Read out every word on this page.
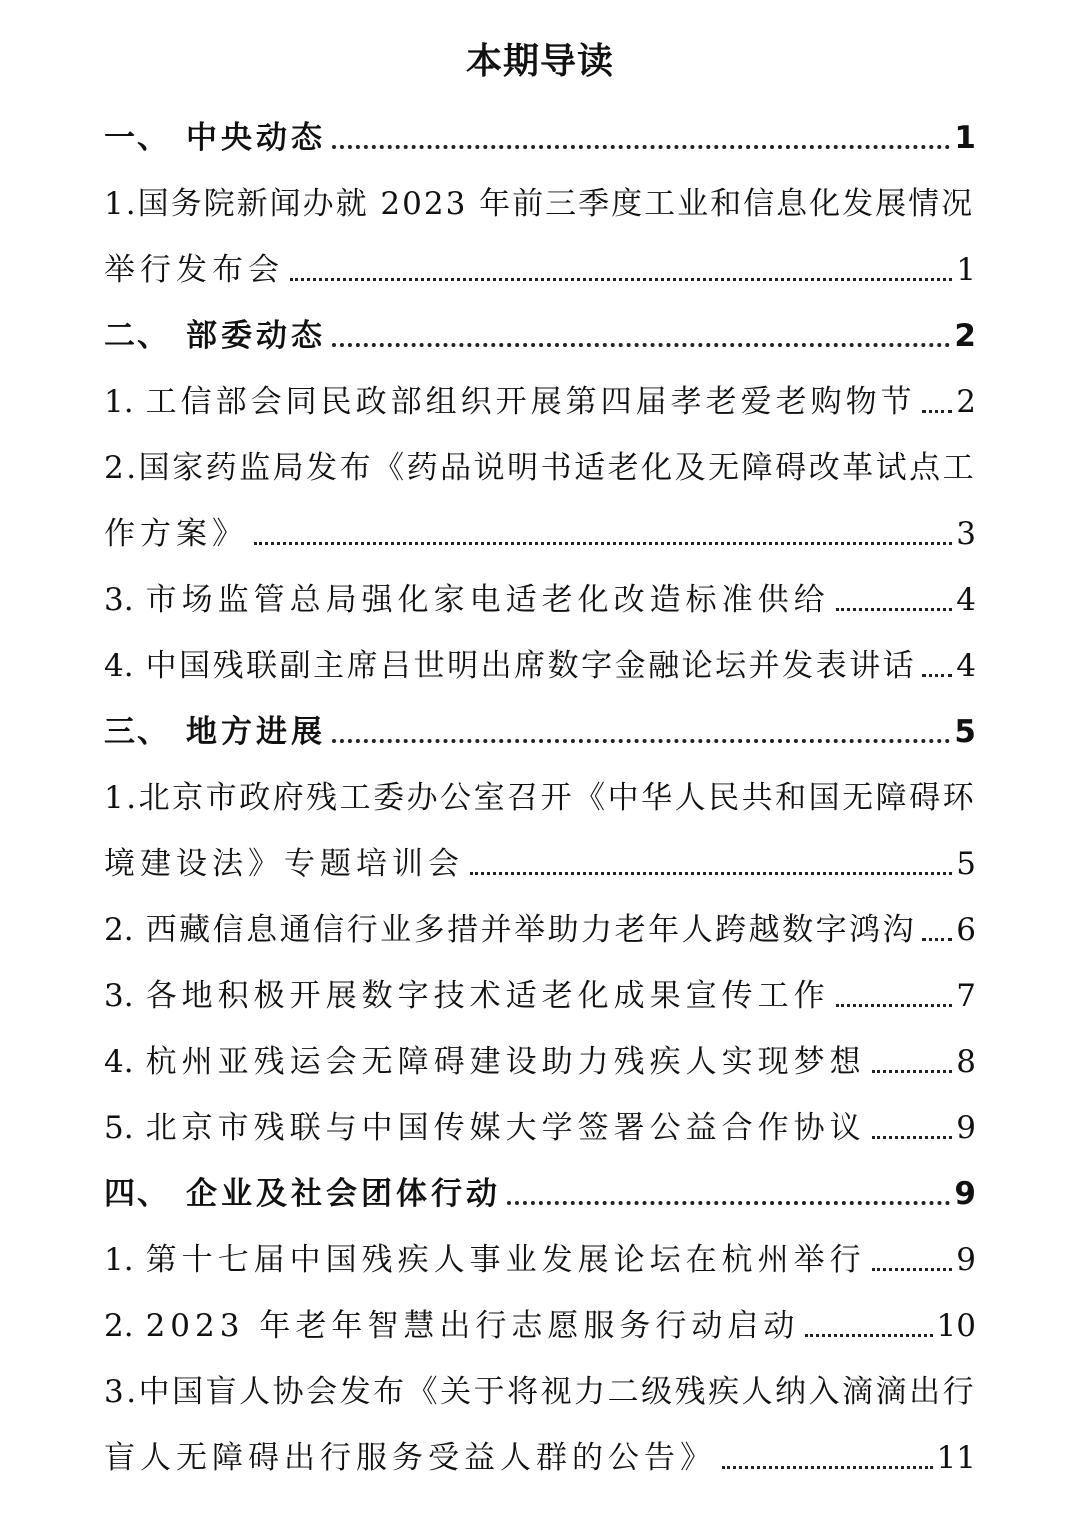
本期导读
一、 中央动态	1
1.国务院新闻办就 2023 年前三季度工业和信息化发展情况
举行发布会	1
二、 部委动态	2
1. 工信部会同民政部组织开展第四届孝老爱老购物节 2
2.国家药监局发布《药品说明书适老化及无障碍改革试点工
作方案》	3
3. 市场监管总局强化家电适老化改造标准供给	4
4. 中国残联副主席吕世明出席数字金融论坛并发表讲话 4
三、 地方进展	5
1.北京市政府残工委办公室召开《中华人民共和国无障碍环
境建设法》专题培训会	5
2. 西藏信息通信行业多措并举助力老年人跨越数字鸿沟 6
3. 各地积极开展数字技术适老化成果宣传工作	7
4. 杭州亚残运会无障碍建设助力残疾人实现梦想	8
5. 北京市残联与中国传媒大学签署公益合作协议	9
四、 企业及社会团体行动	9
1. 第十七届中国残疾人事业发展论坛在杭州举行	9
2. 2023 年老年智慧出行志愿服务行动启动	10
3.中国盲人协会发布《关于将视力二级残疾人纳入滴滴出行
盲人无障碍出行服务受益人群的公告》	11
